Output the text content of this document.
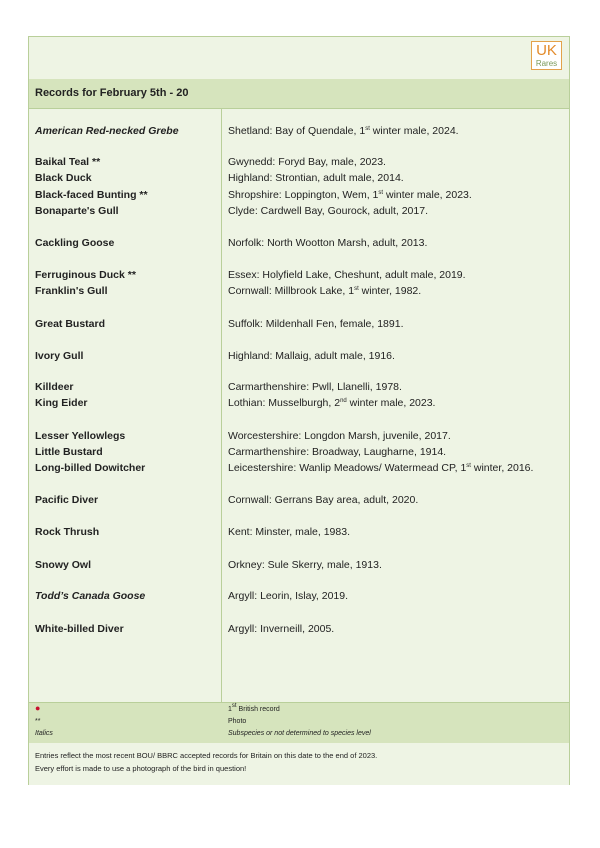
UK
Rares
Records for February 5th - 20
American Red-necked Grebe	Shetland: Bay of Quendale, 1st winter male, 2024.
Baikal Teal **	Gwynedd: Foryd Bay, male, 2023.
Black Duck	Highland: Strontian, adult male, 2014.
Black-faced Bunting **	Shropshire: Loppington, Wem, 1st winter male, 2023.
Bonaparte's Gull	Clyde: Cardwell Bay, Gourock, adult, 2017.
Cackling Goose	Norfolk: North Wootton Marsh, adult, 2013.
Ferruginous Duck **	Essex: Holyfield Lake, Cheshunt, adult male, 2019.
Franklin's Gull	Cornwall: Millbrook Lake, 1st winter, 1982.
Great Bustard	Suffolk: Mildenhall Fen, female, 1891.
Ivory Gull	Highland: Mallaig, adult male, 1916.
Killdeer	Carmarthenshire: Pwll, Llanelli, 1978.
King Eider	Lothian: Musselburgh, 2nd winter male, 2023.
Lesser Yellowlegs	Worcestershire: Longdon Marsh, juvenile, 2017.
Little Bustard	Carmarthenshire: Broadway, Laugharne, 1914.
Long-billed Dowitcher	Leicestershire: Wanlip Meadows/ Watermead CP, 1st winter, 2016.
Pacific Diver	Cornwall: Gerrans Bay area, adult, 2020.
Rock Thrush	Kent: Minster, male, 1983.
Snowy Owl	Orkney: Sule Skerry, male, 1913.
Todd’s Canada Goose	Argyll: Leorin, Islay, 2019.
White-billed Diver	Argyll: Inverneill, 2005.
●	1st British record
**	Photo
Italics	Subspecies or not determined to species level
Entries reflect the most recent BOU/ BBRC accepted records for Britain on this date to the end of 2023.
Every effort is made to use a photograph of the bird in question!
